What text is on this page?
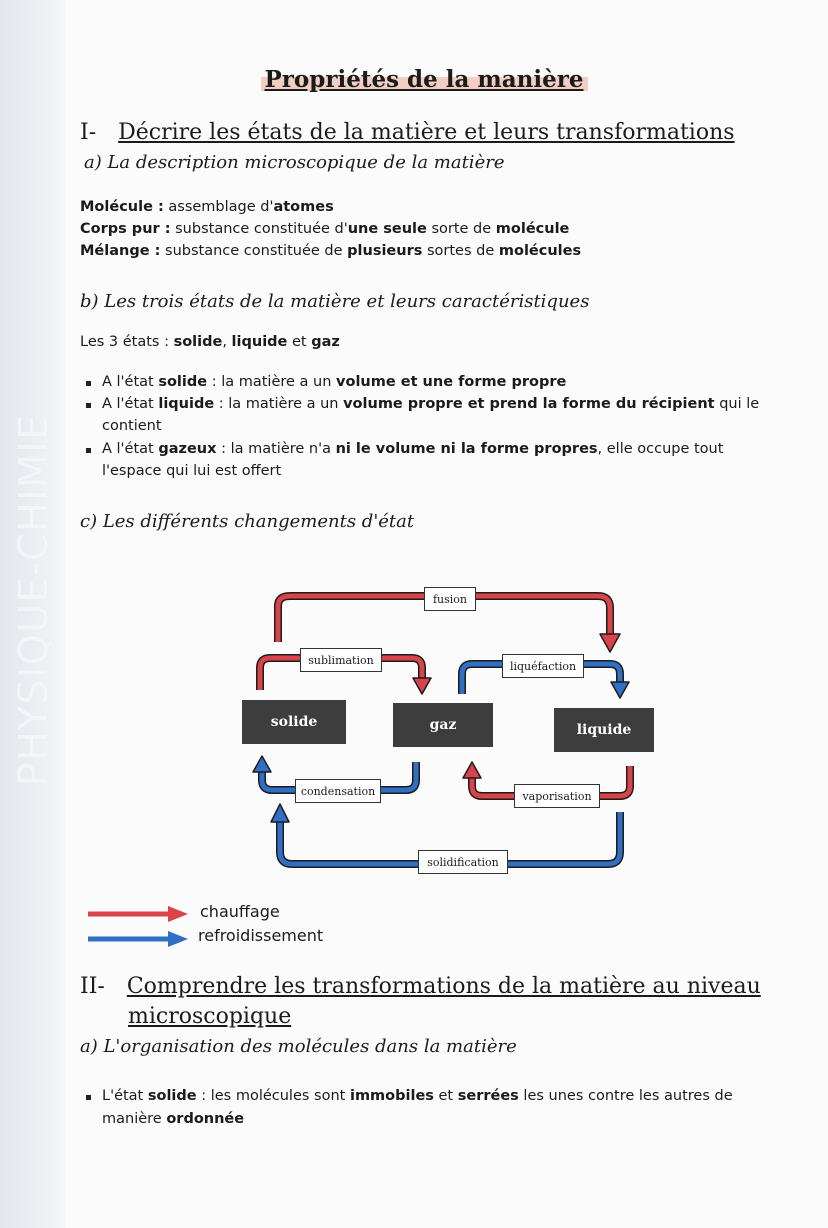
PHYSIQUE-CHIMIE
Propriétés de la manière
I- Décrire les états de la matière et leurs transformations
a) La description microscopique de la matière
Molécule : assemblage d'atomes
Corps pur : substance constituée d'une seule sorte de molécule
Mélange : substance constituée de plusieurs sortes de molécules
b) Les trois états de la matière et leurs caractéristiques
Les 3 états : solide, liquide et gaz
A l'état solide : la matière a un volume et une forme propre
A l'état liquide : la matière a un volume propre et prend la forme du récipient qui le
contient
A l'état gazeux : la matière n'a ni le volume ni la forme propres, elle occupe tout
l'espace qui lui est offert
c) Les différents changements d'état
solide	gaz	liquide
fusion
sublimation	liquéfaction
condensation	vaporisation
solidification
chauffage
refroidissement
II- Comprendre les transformations de la matière au niveau
microscopique
a) L'organisation des molécules dans la matière
L'état solide : les molécules sont immobiles et serrées les unes contre les autres de
manière ordonnée
